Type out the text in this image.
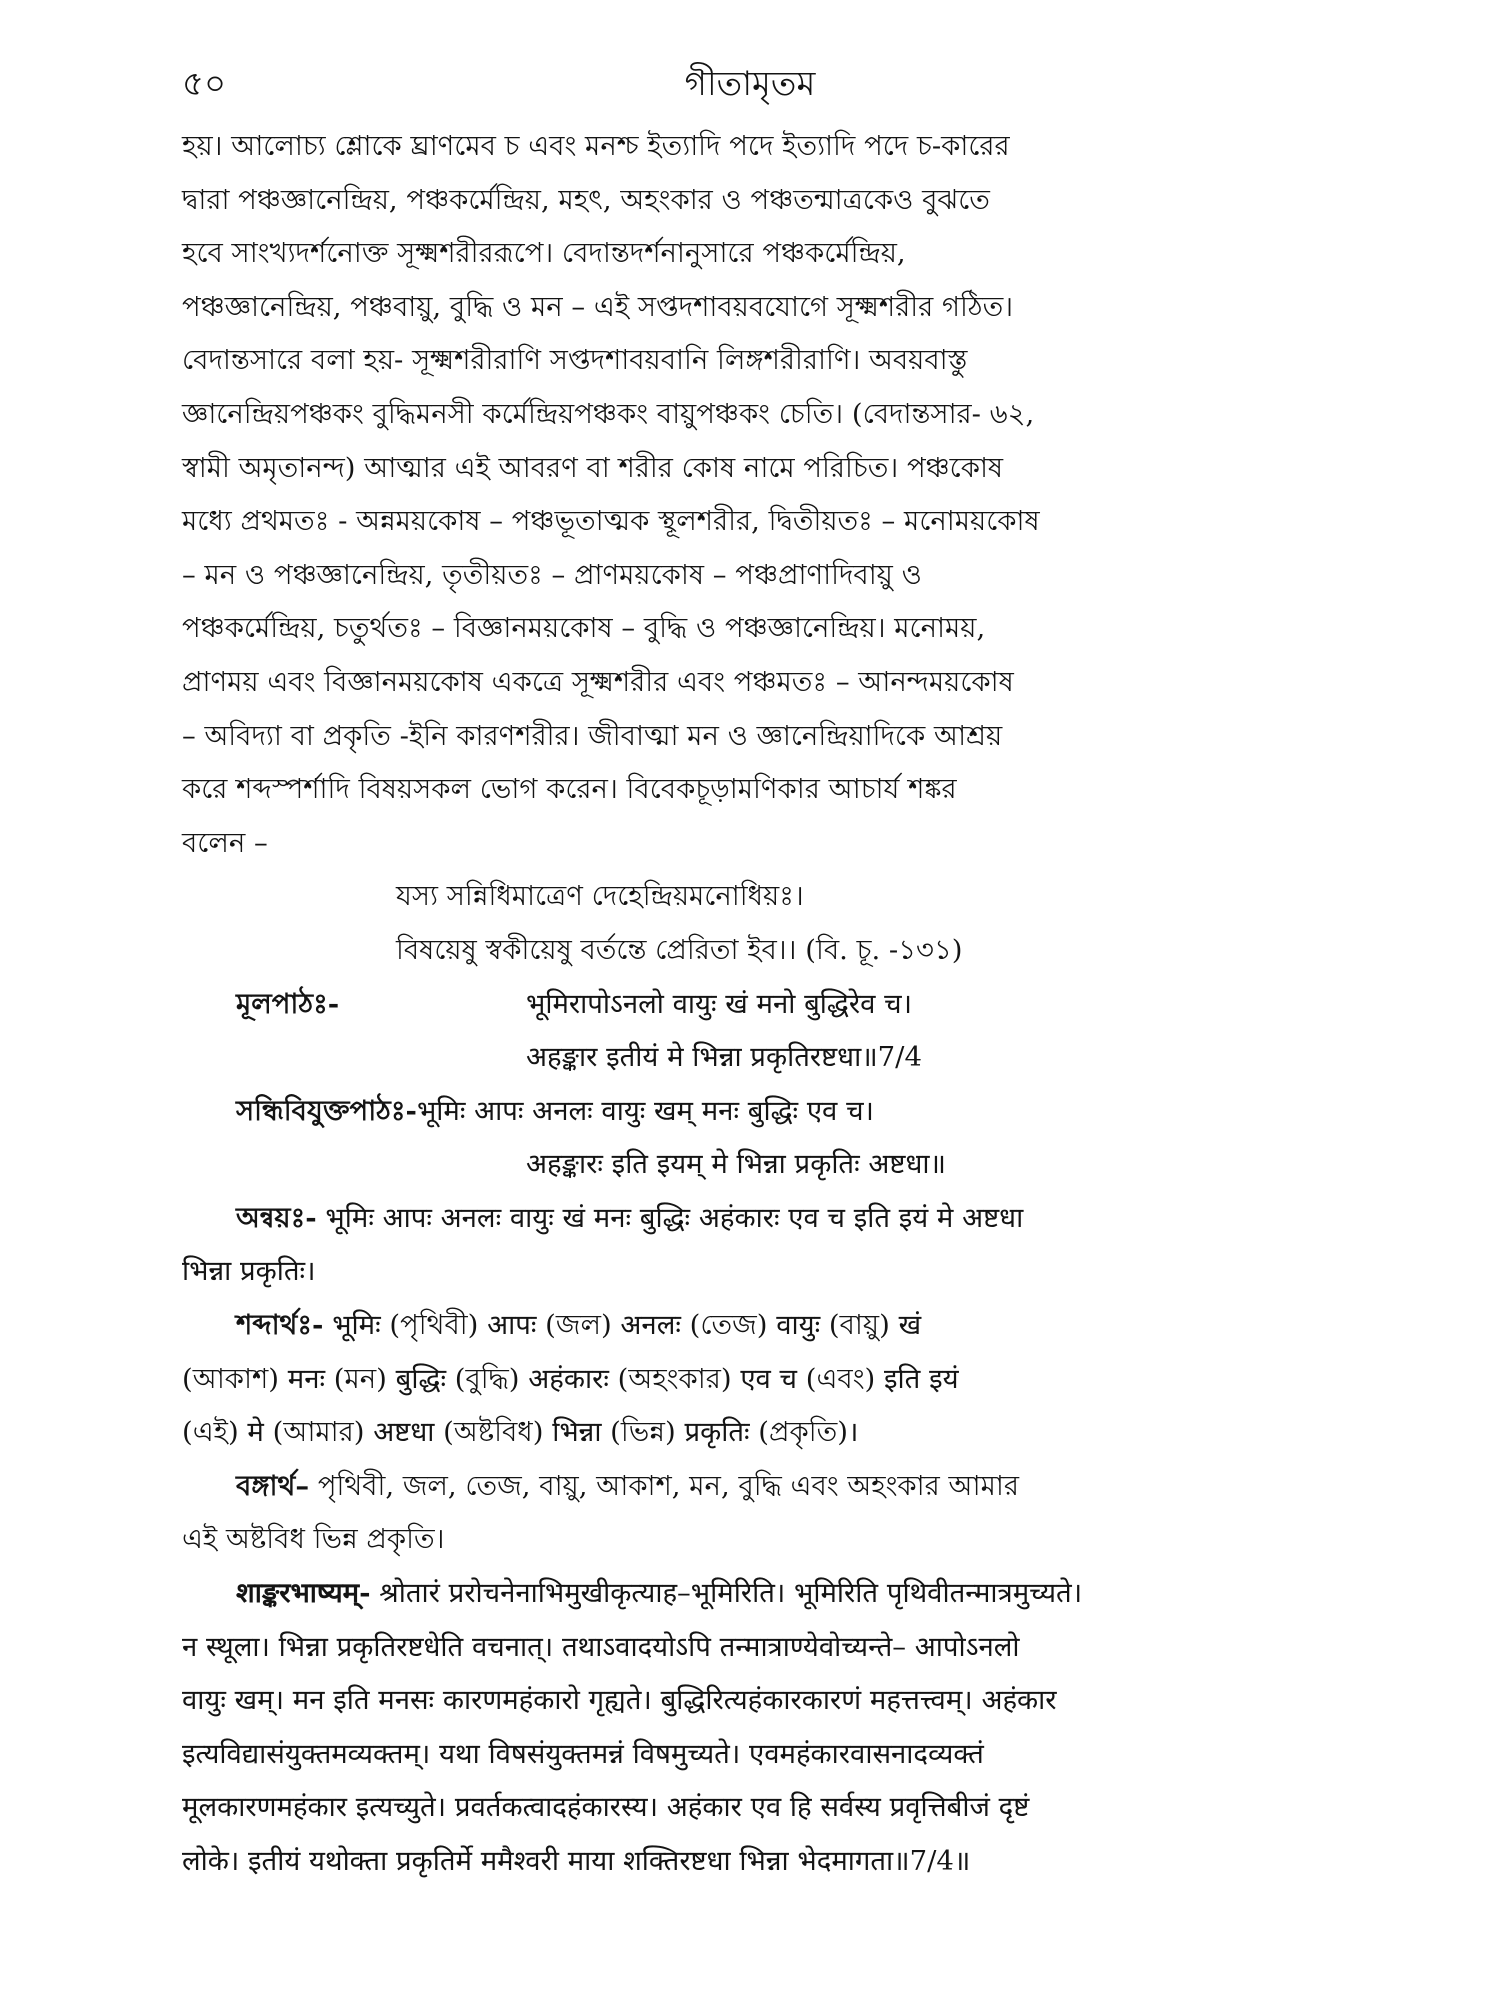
গীতামৃতম
৫০

হয়। আলোচ্য শ্লোকে ঘ্রাণমেব চ এবং মনশ্চ ইত্যাদি পদে ইত্যাদি পদে চ-কারের
দ্বারা পঞ্চজ্ঞানেন্দ্রিয়, পঞ্চকর্মেন্দ্রিয়, মহৎ, অহংকার ও পঞ্চতন্মাত্রকেও বুঝতে
হবে সাংখ্যদর্শনোক্ত সূক্ষ্মশরীররূপে। বেদান্তদর্শনানুসারে পঞ্চকর্মেন্দ্রিয়,
পঞ্চজ্ঞানেন্দ্রিয়, পঞ্চবায়ু, বুদ্ধি ও মন – এই সপ্তদশাবয়বযোগে সূক্ষ্মশরীর গঠিত।
বেদান্তসারে বলা হয়- সূক্ষ্মশরীরাণি সপ্তদশাবয়বানি লিঙ্গশরীরাণি। অবয়বাস্তু
জ্ঞানেন্দ্রিয়পঞ্চকং বুদ্ধিমনসী কর্মেন্দ্রিয়পঞ্চকং বায়ুপঞ্চকং চেতি। (বেদান্তসার- ৬২,
স্বামী অমৃতানন্দ) আত্মার এই আবরণ বা শরীর কোষ নামে পরিচিত। পঞ্চকোষ
মধ্যে প্রথমতঃ - অন্নময়কোষ – পঞ্চভূতাত্মক স্থূলশরীর, দ্বিতীয়তঃ – মনোময়কোষ
– মন ও পঞ্চজ্ঞানেন্দ্রিয়, তৃতীয়তঃ – প্রাণময়কোষ – পঞ্চপ্রাণাদিবায়ু ও
পঞ্চকর্মেন্দ্রিয়, চতুর্থতঃ – বিজ্ঞানময়কোষ – বুদ্ধি ও পঞ্চজ্ঞানেন্দ্রিয়। মনোময়,
প্রাণময় এবং বিজ্ঞানময়কোষ একত্রে সূক্ষ্মশরীর এবং পঞ্চমতঃ – আনন্দময়কোষ
– অবিদ্যা বা প্রকৃতি -ইনি কারণশরীর। জীবাত্মা মন ও জ্ঞানেন্দ্রিয়াদিকে আশ্রয়
করে শব্দস্পর্শাদি বিষয়সকল ভোগ করেন। বিবেকচূড়ামণিকার আচার্য শঙ্কর
বলেন –

যস্য সন্নিধিমাত্রেণ দেহেন্দ্রিয়মনোধিয়ঃ।

বিষয়েষু স্বকীয়েষু বর্তন্তে প্রেরিতা ইব।। (বি. চূ. -১৩১)

মূলপাঠঃ-	भूमिरापोऽनलो वायुः खं मनो बुद्धिरेव च।
अहङ्कार इतीयं मे भिन्ना प्रकृतिरष्टधा॥7/4
সন্ধিবিযুক্তপাঠঃ- भूमिः आपः अनलः वायुः खम् मनः बुद्धिः एव च।

अहङ्कारः इति इयम् मे भिन्ना प्रकृतिः अष्टधा॥

অন্বয়ঃ- भूमिः आपः अनलः वायुः खं मनः बुद्धिः अहंकारः एव च इति इयं मे अष्टधा
भिन्ना प्रकृतिः।

শব্দার্থঃ- भूमिः (পৃথিবী) आपः (জল) अनलः (তেজ) वायुः (বায়ু) खं
(আকাশ) मनः (মন) बुद्धिः (বুদ্ধি) अहंकारः (অহংকার) एव च (এবং) इति इयं
(এই) मे (আমার) अष्टधा (অষ্টবিধ) भिन्ना (ভিন্ন) प्रकृतिः (প্রকৃতি)।

বঙ্গার্থ– পৃথিবী, জল, তেজ, বায়ু, আকাশ, মন, বুদ্ধি এবং অহংকার আমার
এই অষ্টবিধ ভিন্ন প্রকৃতি।

शाङ्करभाष्यम्- श्रोतारं प्ररोचनेनाभिमुखीकृत्याह–भूमिरिति। भूमिरिति पृथिवीतन्मात्रमुच्यते।
न स्थूला। भिन्ना प्रकृतिरष्टधेति वचनात्। तथाऽवादयोऽपि तन्मात्राण्येवोच्यन्ते– आपोऽनलो
वायुः खम्। मन इति मनसः कारणमहंकारो गृह्यते। बुद्धिरित्यहंकारकारणं महत्तत्त्वम्। अहंकार
इत्यविद्यासंयुक्तमव्यक्तम्। यथा विषसंयुक्तमन्नं विषमुच्यते। एवमहंकारवासनादव्यक्तं
मूलकारणमहंकार इत्यच्युते। प्रवर्तकत्वादहंकारस्य। अहंकार एव हि सर्वस्य प्रवृत्तिबीजं दृष्टं
लोके। इतीयं यथोक्ता प्रकृतिर्मे ममैश्वरी माया शक्तिरष्टधा भिन्ना भेदमागता॥7/4॥
